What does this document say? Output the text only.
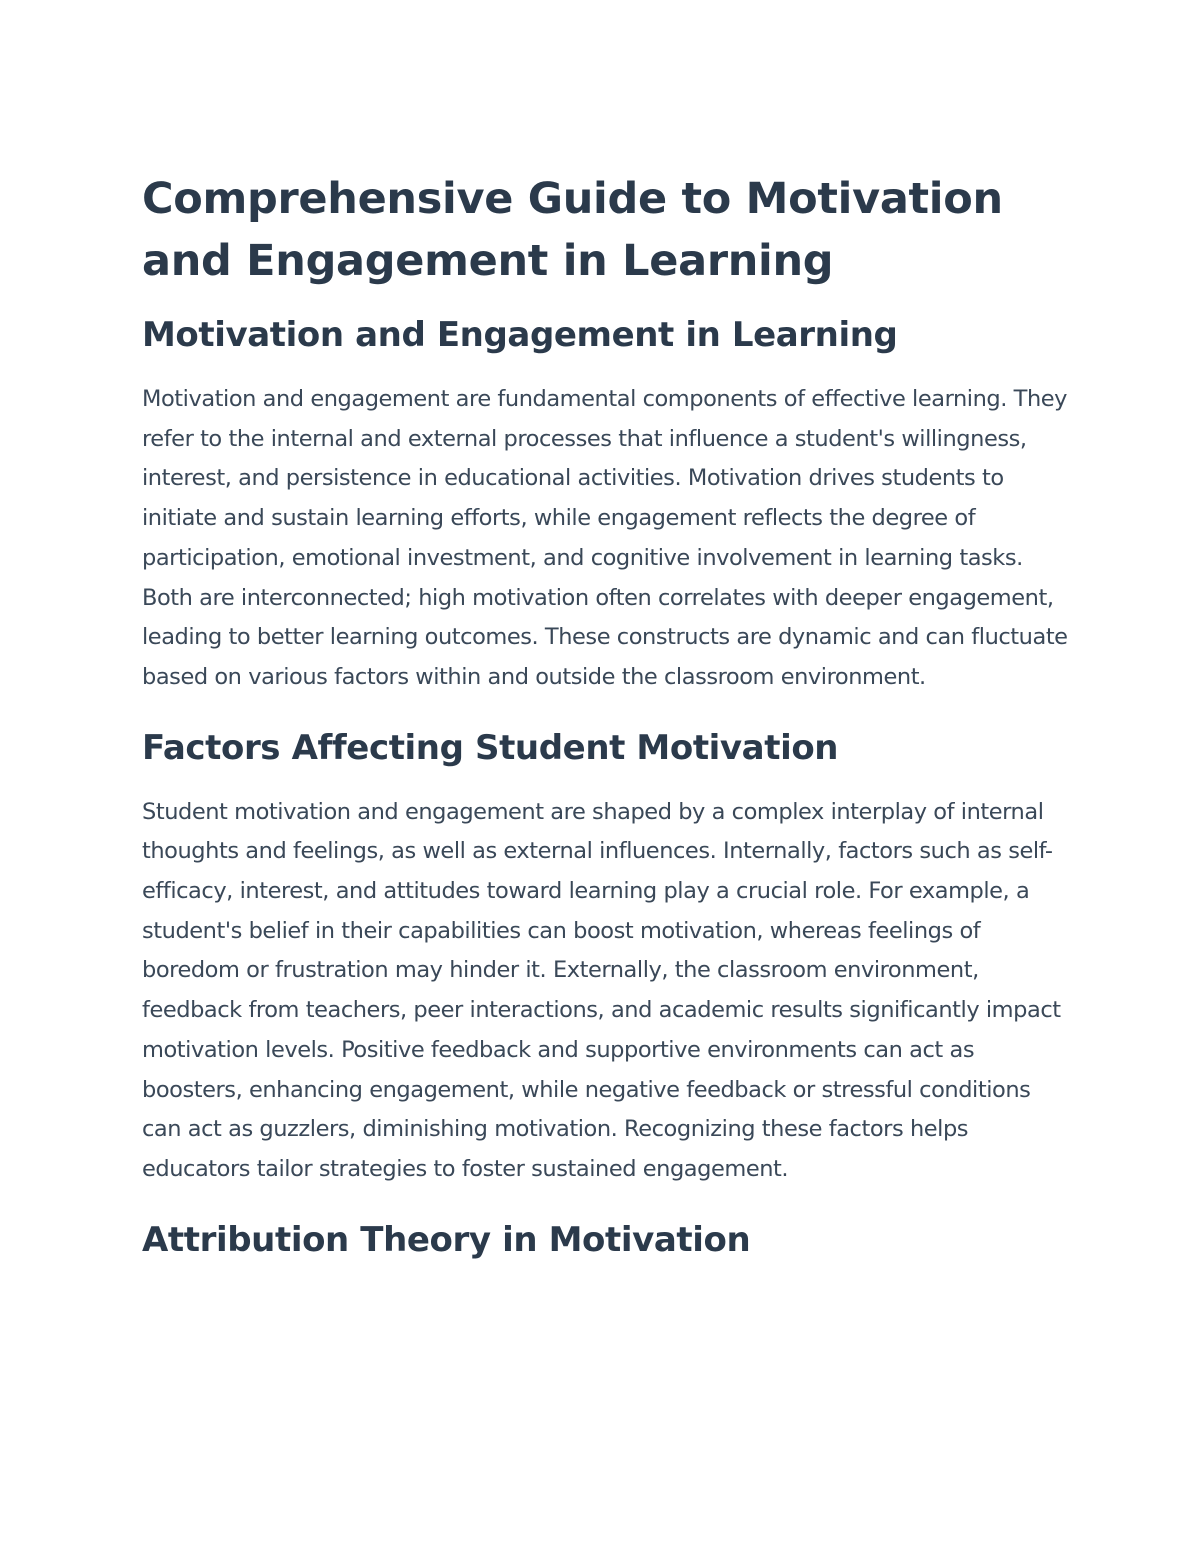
Comprehensive Guide to Motivation and Engagement in Learning
Motivation and Engagement in Learning

Motivation and engagement are fundamental components of effective learning. They refer to the internal and external processes that influence a student's willingness, interest, and persistence in educational activities. Motivation drives students to initiate and sustain learning efforts, while engagement reflects the degree of participation, emotional investment, and cognitive involvement in learning tasks. Both are interconnected; high motivation often correlates with deeper engagement, leading to better learning outcomes. These constructs are dynamic and can fluctuate based on various factors within and outside the classroom environment.

Factors Affecting Student Motivation

Student motivation and engagement are shaped by a complex interplay of internal thoughts and feelings, as well as external influences. Internally, factors such as self-efficacy, interest, and attitudes toward learning play a crucial role. For example, a student's belief in their capabilities can boost motivation, whereas feelings of boredom or frustration may hinder it. Externally, the classroom environment, feedback from teachers, peer interactions, and academic results significantly impact motivation levels. Positive feedback and supportive environments can act as boosters, enhancing engagement, while negative feedback or stressful conditions can act as guzzlers, diminishing motivation. Recognizing these factors helps educators tailor strategies to foster sustained engagement.

Attribution Theory in Motivation
